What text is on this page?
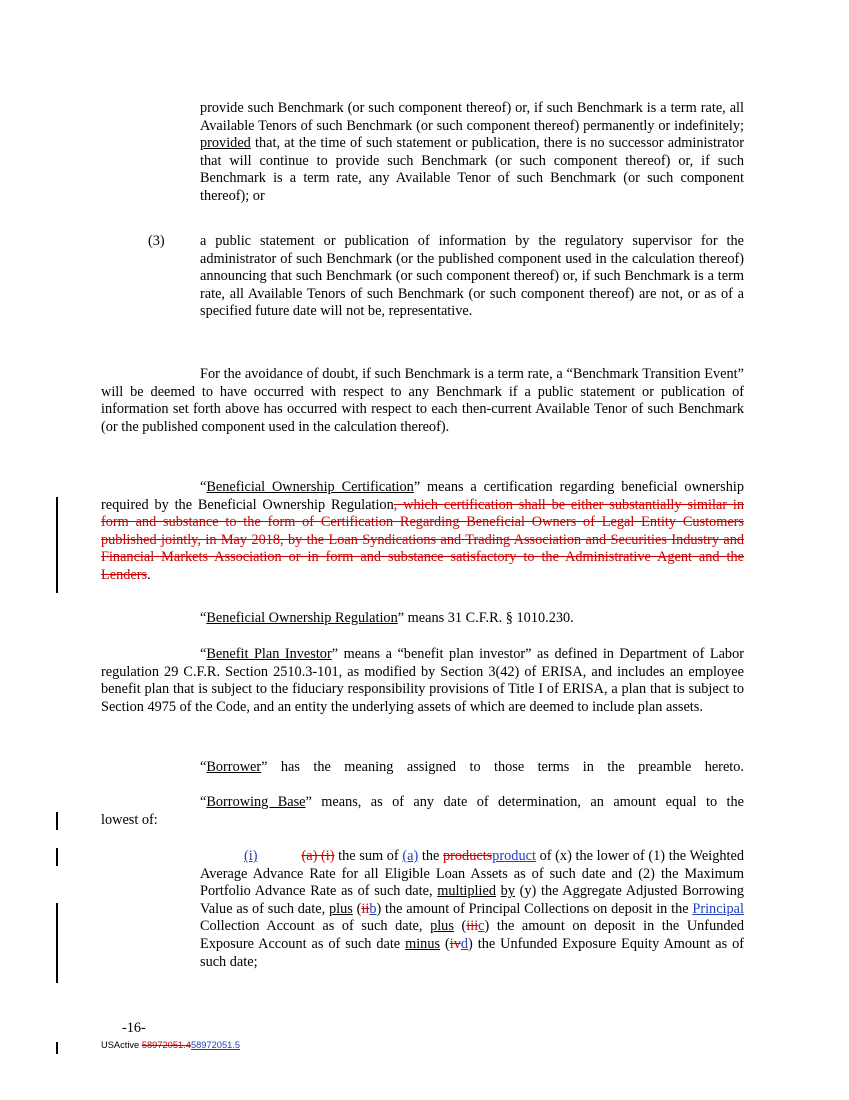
provide such Benchmark (or such component thereof) or, if such Benchmark is a term rate, all Available Tenors of such Benchmark (or such component thereof) permanently or indefinitely; provided that, at the time of such statement or publication, there is no successor administrator that will continue to provide such Benchmark (or such component thereof) or, if such Benchmark is a term rate, any Available Tenor of such Benchmark (or such component thereof); or

(3) a public statement or publication of information by the regulatory supervisor for the administrator of such Benchmark (or the published component used in the calculation thereof) announcing that such Benchmark (or such component thereof) or, if such Benchmark is a term rate, all Available Tenors of such Benchmark (or such component thereof) are not, or as of a specified future date will not be, representative.

For the avoidance of doubt, if such Benchmark is a term rate, a “Benchmark Transition Event” will be deemed to have occurred with respect to any Benchmark if a public statement or publication of information set forth above has occurred with respect to each then-current Available Tenor of such Benchmark (or the published component used in the calculation thereof).

“Beneficial Ownership Certification” means a certification regarding beneficial ownership required by the Beneficial Ownership Regulation, which certification shall be either substantially similar in form and substance to the form of Certification Regarding Beneficial Owners of Legal Entity Customers published jointly, in May 2018, by the Loan Syndications and Trading Association and Securities Industry and Financial Markets Association or in form and substance satisfactory to the Administrative Agent and the Lenders.

“Beneficial Ownership Regulation” means 31 C.F.R. § 1010.230.

“Benefit Plan Investor” means a “benefit plan investor” as defined in Department of Labor regulation 29 C.F.R. Section 2510.3-101, as modified by Section 3(42) of ERISA, and includes an employee benefit plan that is subject to the fiduciary responsibility provisions of Title I of ERISA, a plan that is subject to Section 4975 of the Code, and an entity the underlying assets of which are deemed to include plan assets.

“Borrower” has the meaning assigned to those terms in the preamble hereto.

“Borrowing Base” means, as of any date of determination, an amount equal to the

lowest of:

(i)	(a) (i) the sum of (a) the productsproduct of (x) the lower of (1) the Weighted Average Advance Rate for all Eligible Loan Assets as of such date and (2) the Maximum Portfolio Advance Rate as of such date, multiplied by (y) the Aggregate Adjusted Borrowing Value as of such date, plus (iib) the amount of Principal Collections on deposit in the Principal Collection Account as of such date, plus (iiic) the amount on deposit in the Unfunded Exposure Account as of such date minus (ivd) the Unfunded Exposure Equity Amount as of such date;

-16-
USActive 58972051.458972051.5
